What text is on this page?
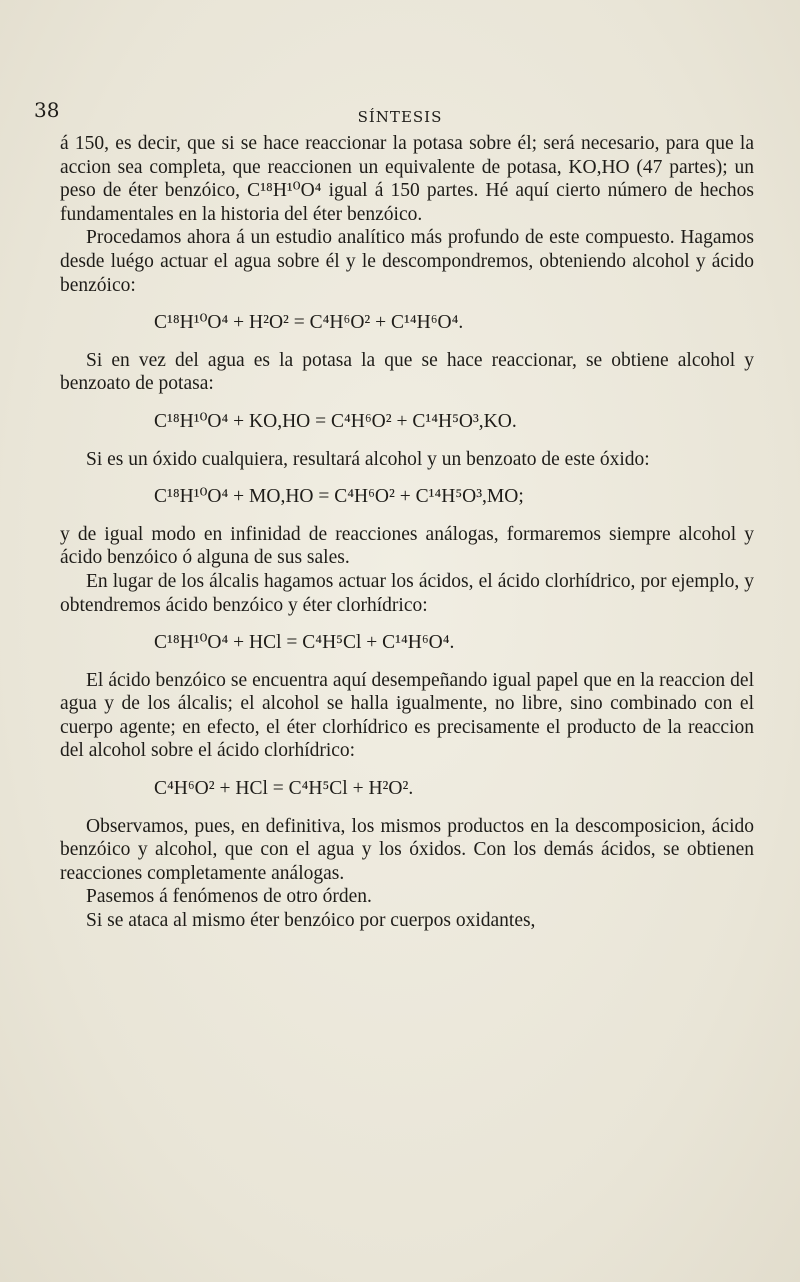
38	SÍNTESIS

á 150, es decir, que si se hace reaccionar la potasa sobre él; será necesario, para que la accion sea completa, que reaccionen un equivalente de potasa, KO,HO (47 partes); un peso de éter benzóico, C¹⁸H¹⁰O⁴ igual á 150 partes. Hé aquí cierto número de hechos fundamentales en la historia del éter benzóico.

Procedamos ahora á un estudio analítico más profundo de este compuesto. Hagamos desde luégo actuar el agua sobre él y le descompondremos, obteniendo alcohol y ácido benzóico:

C¹⁸H¹⁰O⁴ + H²O² = C⁴H⁶O² + C¹⁴H⁶O⁴.

Si en vez del agua es la potasa la que se hace reaccionar, se obtiene alcohol y benzoato de potasa:

C¹⁸H¹⁰O⁴ + KO,HO = C⁴H⁶O² + C¹⁴H⁵O³,KO.

Si es un óxido cualquiera, resultará alcohol y un benzoato de este óxido:

C¹⁸H¹⁰O⁴ + MO,HO = C⁴H⁶O² + C¹⁴H⁵O³,MO;

y de igual modo en infinidad de reacciones análogas, formaremos siempre alcohol y ácido benzóico ó alguna de sus sales.

En lugar de los álcalis hagamos actuar los ácidos, el ácido clorhídrico, por ejemplo, y obtendremos ácido benzóico y éter clorhídrico:

C¹⁸H¹⁰O⁴ + HCl = C⁴H⁵Cl + C¹⁴H⁶O⁴.

El ácido benzóico se encuentra aquí desempeñando igual papel que en la reaccion del agua y de los álcalis; el alcohol se halla igualmente, no libre, sino combinado con el cuerpo agente; en efecto, el éter clorhídrico es precisamente el producto de la reaccion del alcohol sobre el ácido clorhídrico:

C⁴H⁶O² + HCl = C⁴H⁵Cl + H²O².

Observamos, pues, en definitiva, los mismos productos en la descomposicion, ácido benzóico y alcohol, que con el agua y los óxidos. Con los demás ácidos, se obtienen reacciones completamente análogas.

Pasemos á fenómenos de otro órden.

Si se ataca al mismo éter benzóico por cuerpos oxidantes,
